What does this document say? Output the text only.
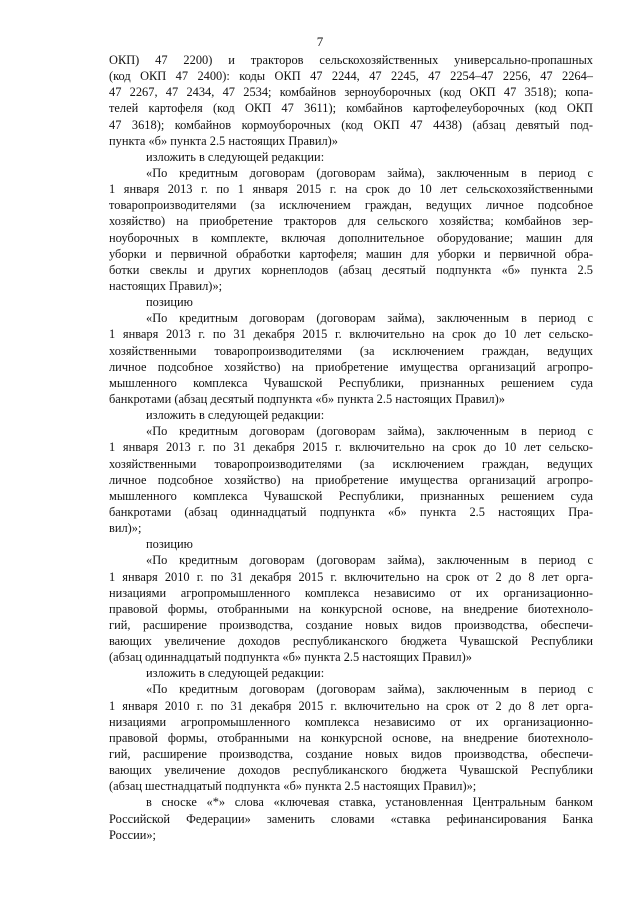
7
ОКП) 47 2200) и тракторов сельскохозяйственных универсально-пропашных
(код ОКП 47 2400): коды ОКП 47 2244, 47 2245, 47 2254–47 2256, 47 2264–
47 2267, 47 2434, 47 2534; комбайнов зерноуборочных (код ОКП 47 3518); копа-
телей картофеля (код ОКП 47 3611); комбайнов картофелеуборочных (код ОКП
47 3618); комбайнов кормоуборочных (код ОКП 47 4438) (абзац девятый под-
пункта «б» пункта 2.5 настоящих Правил)»
изложить в следующей редакции:
«По кредитным договорам (договорам займа), заключенным в период с
1 января 2013 г. по 1 января 2015 г. на срок до 10 лет сельскохозяйственными
товаропроизводителями (за исключением граждан, ведущих личное подсобное
хозяйство) на приобретение тракторов для сельского хозяйства; комбайнов зер-
ноуборочных в комплекте, включая дополнительное оборудование; машин для
уборки и первичной обработки картофеля; машин для уборки и первичной обра-
ботки свеклы и других корнеплодов (абзац десятый подпункта «б» пункта 2.5
настоящих Правил)»;
позицию
«По кредитным договорам (договорам займа), заключенным в период с
1 января 2013 г. по 31 декабря 2015 г. включительно на срок до 10 лет сельско-
хозяйственными товаропроизводителями (за исключением граждан, ведущих
личное подсобное хозяйство) на приобретение имущества организаций агропро-
мышленного комплекса Чувашской Республики, признанных решением суда
банкротами (абзац десятый подпункта «б» пункта 2.5 настоящих Правил)»
изложить в следующей редакции:
«По кредитным договорам (договорам займа), заключенным в период с
1 января 2013 г. по 31 декабря 2015 г. включительно на срок до 10 лет сельско-
хозяйственными товаропроизводителями (за исключением граждан, ведущих
личное подсобное хозяйство) на приобретение имущества организаций агропро-
мышленного комплекса Чувашской Республики, признанных решением суда
банкротами (абзац одиннадцатый подпункта «б» пункта 2.5 настоящих Пра-
вил)»;
позицию
«По кредитным договорам (договорам займа), заключенным в период с
1 января 2010 г. по 31 декабря 2015 г. включительно на срок от 2 до 8 лет орга-
низациями агропромышленного комплекса независимо от их организационно-
правовой формы, отобранными на конкурсной основе, на внедрение биотехноло-
гий, расширение производства, создание новых видов производства, обеспечи-
вающих увеличение доходов республиканского бюджета Чувашской Республики
(абзац одиннадцатый подпункта «б» пункта 2.5 настоящих Правил)»
изложить в следующей редакции:
«По кредитным договорам (договорам займа), заключенным в период с
1 января 2010 г. по 31 декабря 2015 г. включительно на срок от 2 до 8 лет орга-
низациями агропромышленного комплекса независимо от их организационно-
правовой формы, отобранными на конкурсной основе, на внедрение биотехноло-
гий, расширение производства, создание новых видов производства, обеспечи-
вающих увеличение доходов республиканского бюджета Чувашской Республики
(абзац шестнадцатый подпункта «б» пункта 2.5 настоящих Правил)»;
в сноске «*» слова «ключевая ставка, установленная Центральным банком
Российской Федерации» заменить словами «ставка рефинансирования Банка
России»;
